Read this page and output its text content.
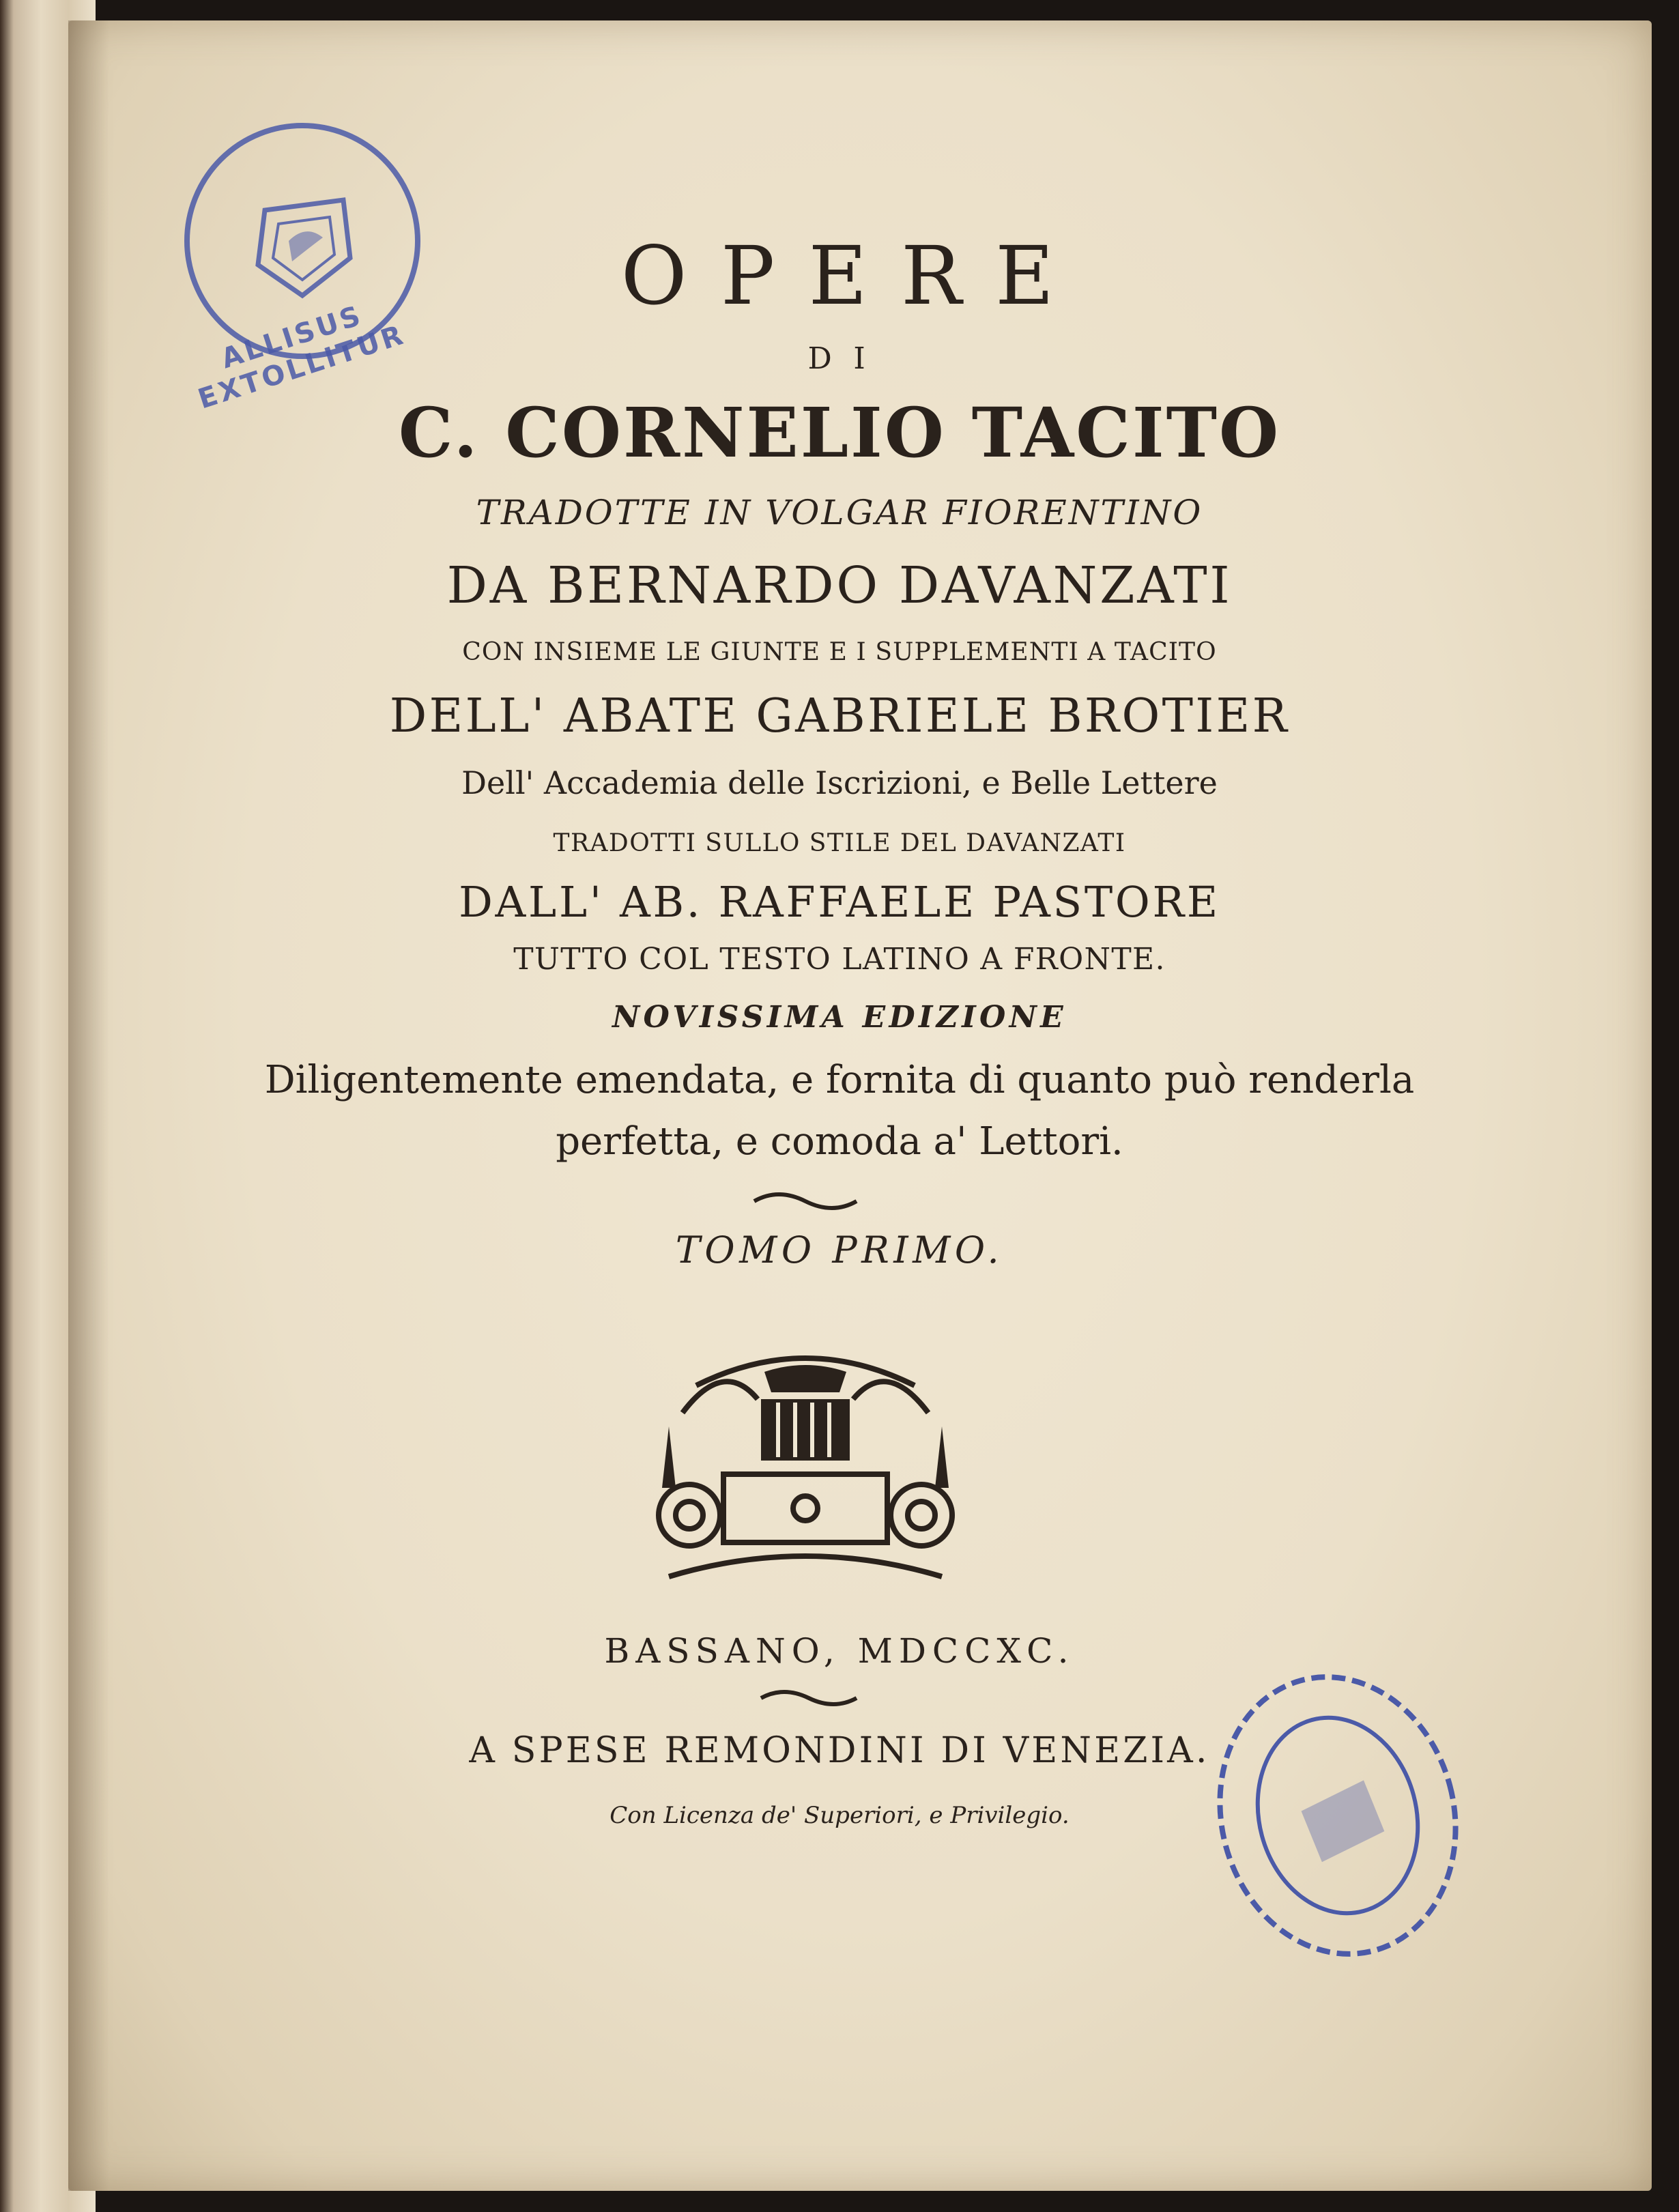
ALLISUS EXTOLLITUR
O P E R E
D I
C. CORNELIO TACITO
TRADOTTE IN VOLGAR FIORENTINO
DA BERNARDO DAVANZATI
CON INSIEME LE GIUNTE E I SUPPLEMENTI A TACITO
DELL' ABATE GABRIELE BROTIER
Dell' Accademia delle Iscrizioni, e Belle Lettere
TRADOTTI SULLO STILE DEL DAVANZATI
DALL' AB. RAFFAELE PASTORE
TUTTO COL TESTO LATINO A FRONTE.
NOVISSIMA EDIZIONE
Diligentemente emendata, e fornita di quanto può renderla
perfetta, e comoda a' Lettori.
TOMO PRIMO.
BASSANO, MDCCXC.
A SPESE REMONDINI DI VENEZIA.
Con Licenza de' Superiori, e Privilegio.
